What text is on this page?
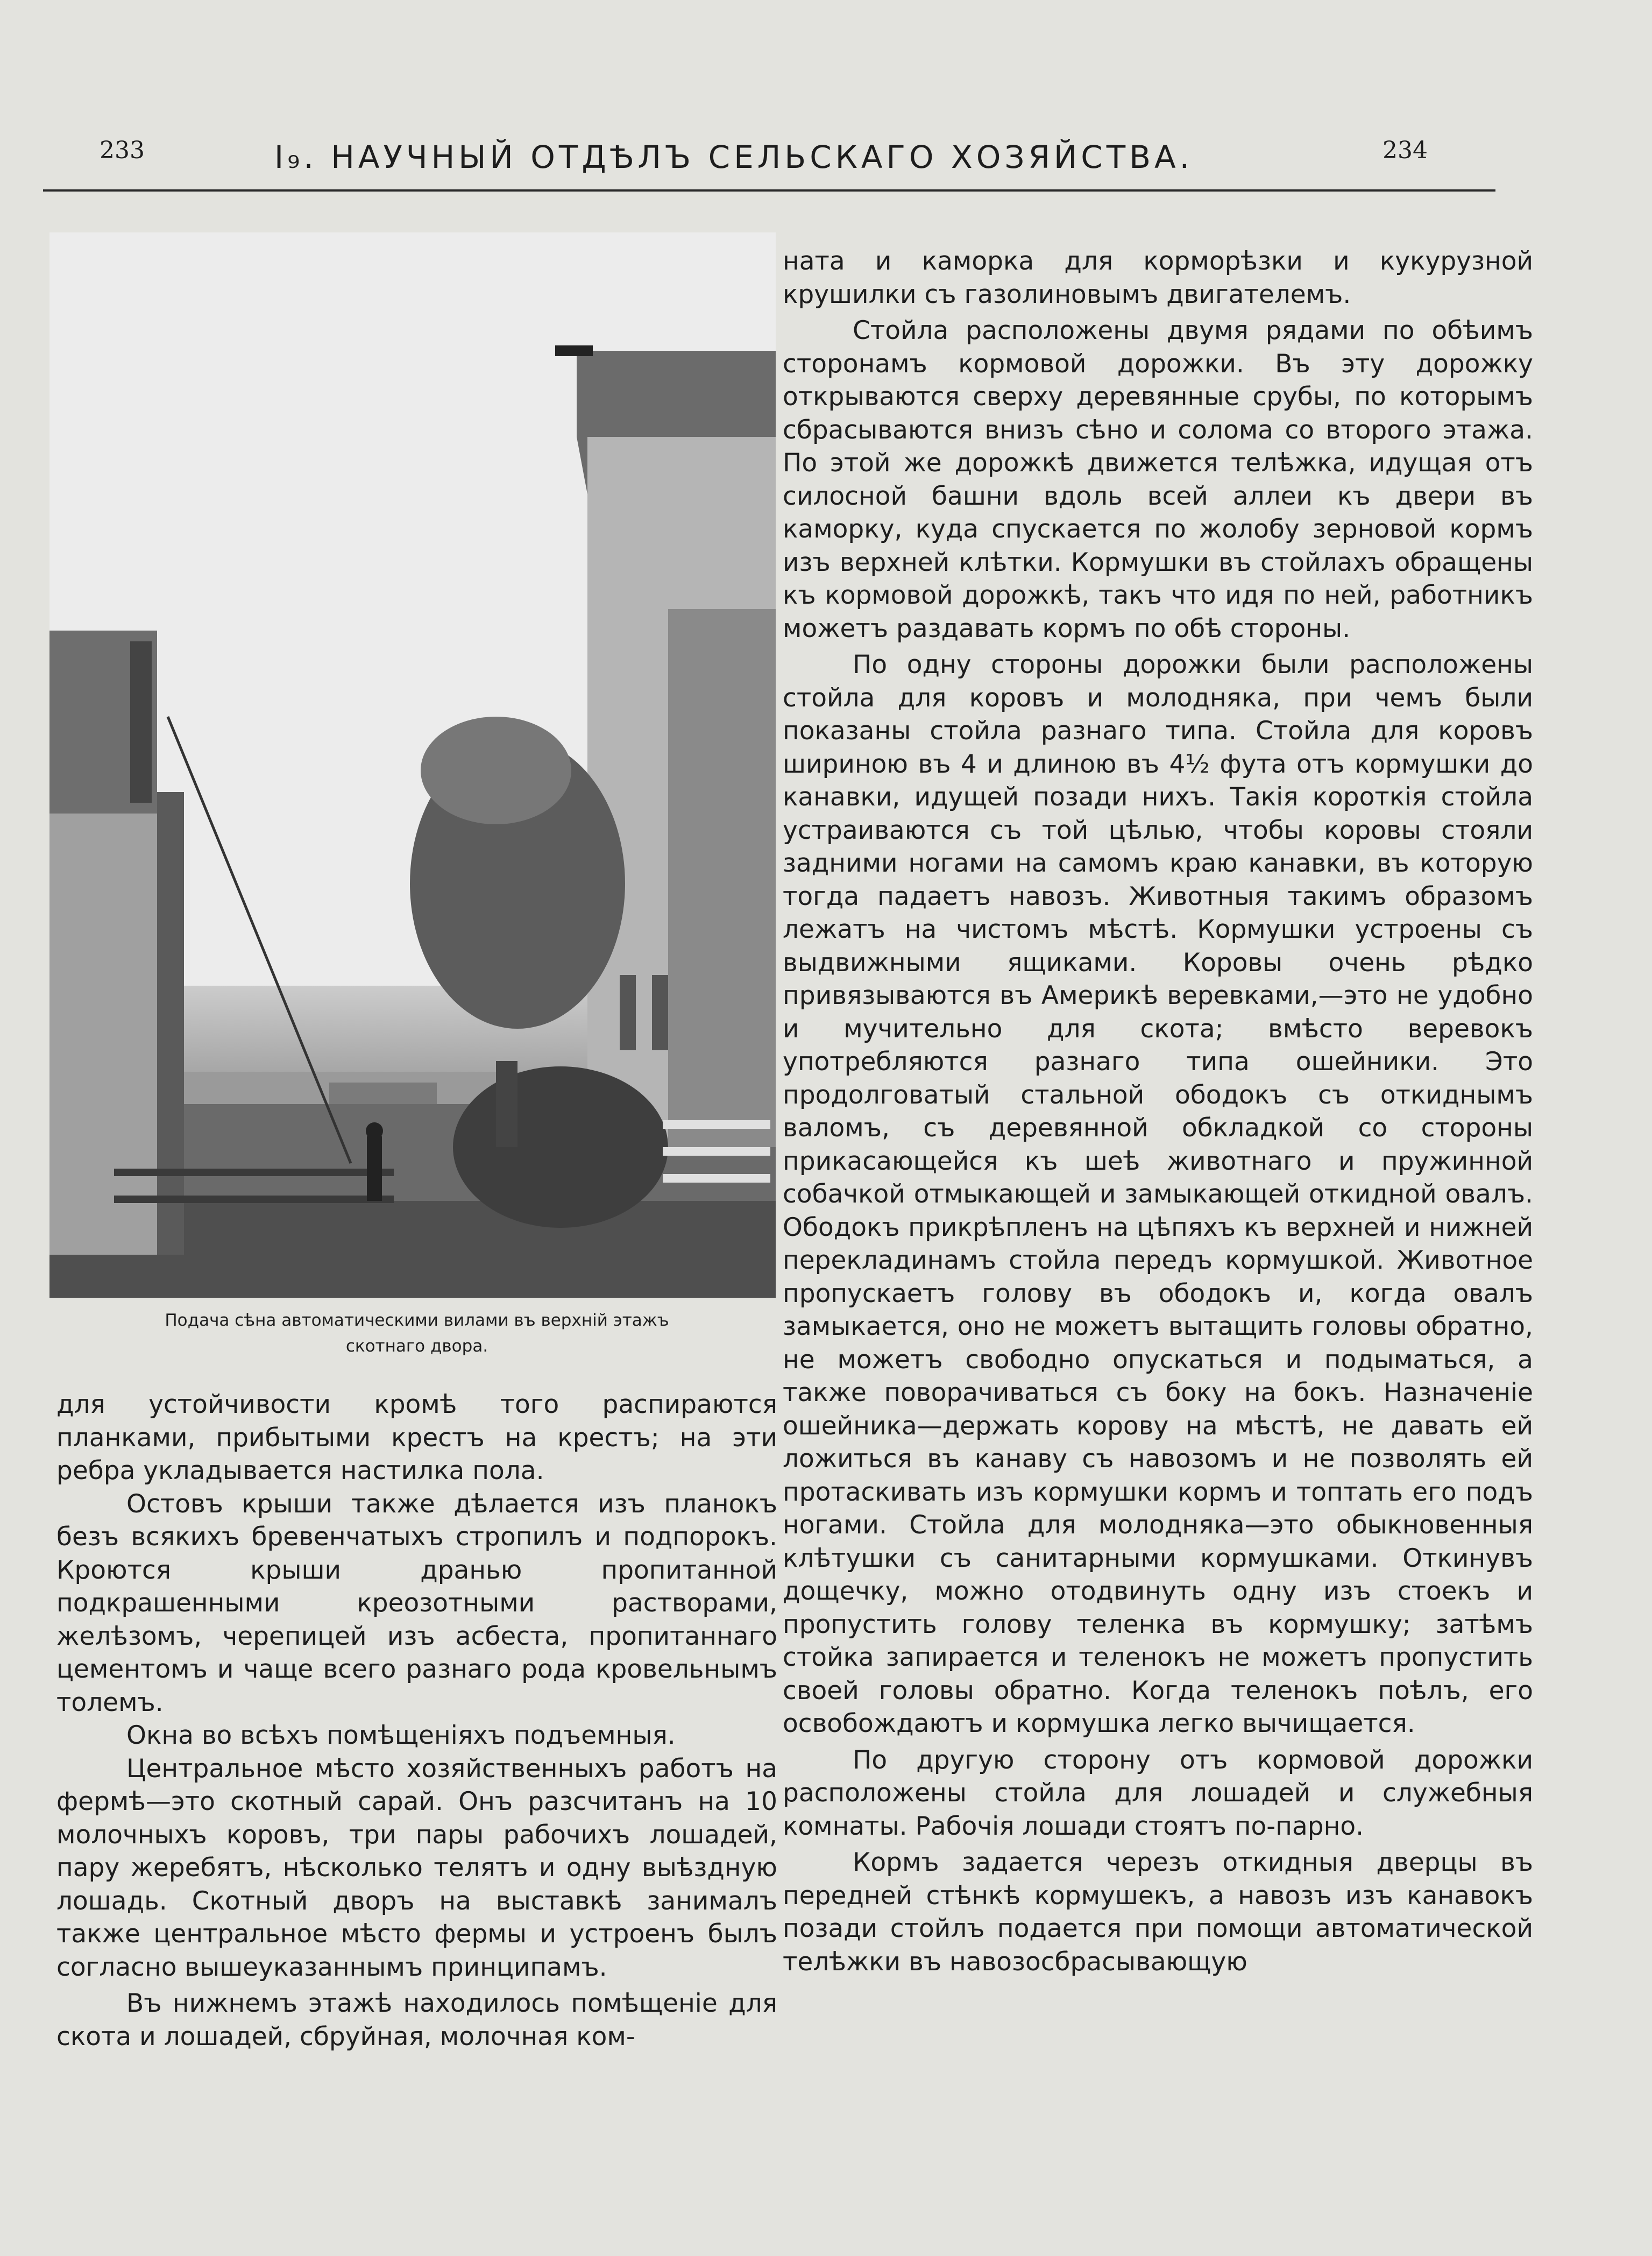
233	I₉. НАУЧНЫЙ ОТДѢЛЪ СЕЛЬСКАГО ХОЗЯЙСТВА.	234
Подача сѣна автоматическими вилами въ верхній этажъ
скотнаго двора.

для устойчивости кромѣ того распираются планками, прибытыми крестъ на крестъ; на эти ребра укладывается настилка пола.

Остовъ крыши также дѣлается изъ планокъ безъ всякихъ бревенчатыхъ стропилъ и подпорокъ. Кроются крыши дранью пропитанной подкрашенными креозотными растворами, желѣзомъ, черепицей изъ асбеста, пропитаннаго цементомъ и чаще всего разнаго рода кровельнымъ толемъ.

Окна во всѣхъ помѣщеніяхъ подъемныя.

Центральное мѣсто хозяйственныхъ работъ на фермѣ—это скотный сарай. Онъ разсчитанъ на 10 молочныхъ коровъ, три пары рабочихъ лошадей, пару жеребятъ, нѣсколько телятъ и одну выѣздную лошадь. Скотный дворъ на выставкѣ занималъ также центральное мѣсто фермы и устроенъ былъ согласно вышеуказаннымъ принципамъ.

Въ нижнемъ этажѣ находилось помѣщеніе для скота и лошадей, сбруйная, молочная ком-

ната и каморка для корморѣзки и кукурузной крушилки съ газолиновымъ двигателемъ.

Стойла расположены двумя рядами по обѣимъ сторонамъ кормовой дорожки. Въ эту дорожку открываются сверху деревянные срубы, по которымъ сбрасываются внизъ сѣно и солома со второго этажа. По этой же дорожкѣ движется телѣжка, идущая отъ силосной башни вдоль всей аллеи къ двери въ каморку, куда спускается по жолобу зерновой кормъ изъ верхней клѣтки. Кормушки въ стойлахъ обращены къ кормовой дорожкѣ, такъ что идя по ней, работникъ можетъ раздавать кормъ по обѣ стороны.

По одну стороны дорожки были расположены стойла для коровъ и молодняка, при чемъ были показаны стойла разнаго типа. Стойла для коровъ шириною въ 4 и длиною въ 4½ фута отъ кормушки до канавки, идущей позади нихъ. Такія короткія стойла устраиваются съ той цѣлью, чтобы коровы стояли задними ногами на самомъ краю канавки, въ которую тогда падаетъ навозъ. Животныя такимъ образомъ лежатъ на чистомъ мѣстѣ. Кормушки устроены съ выдвижными ящиками. Коровы очень рѣдко привязываются въ Америкѣ веревками,—это не удобно и мучительно для скота; вмѣсто веревокъ употребляются разнаго типа ошейники. Это продолговатый стальной ободокъ съ откиднымъ валомъ, съ деревянной обкладкой со стороны прикасающейся къ шеѣ животнаго и пружинной собачкой отмыкающей и замыкающей откидной овалъ. Ободокъ прикрѣпленъ на цѣпяхъ къ верхней и нижней перекладинамъ стойла передъ кормушкой. Животное пропускаетъ голову въ ободокъ и, когда овалъ замыкается, оно не можетъ вытащить головы обратно, не можетъ свободно опускаться и подыматься, а также поворачиваться съ боку на бокъ. Назначеніе ошейника—держать корову на мѣстѣ, не давать ей ложиться въ канаву съ навозомъ и не позволять ей протаскивать изъ кормушки кормъ и топтать его подъ ногами. Стойла для молодняка—это обыкновенныя клѣтушки съ санитарными кормушками. Откинувъ дощечку, можно отодвинуть одну изъ стоекъ и пропустить голову теленка въ кормушку; затѣмъ стойка запирается и теленокъ не можетъ пропустить своей головы обратно. Когда теленокъ поѣлъ, его освобождаютъ и кормушка легко вычищается.

По другую сторону отъ кормовой дорожки расположены стойла для лошадей и служебныя комнаты. Рабочія лошади стоятъ по-парно.

Кормъ задается черезъ откидныя дверцы въ передней стѣнкѣ кормушекъ, а навозъ изъ канавокъ позади стойлъ подается при помощи автоматической телѣжки въ навозосбрасывающую
